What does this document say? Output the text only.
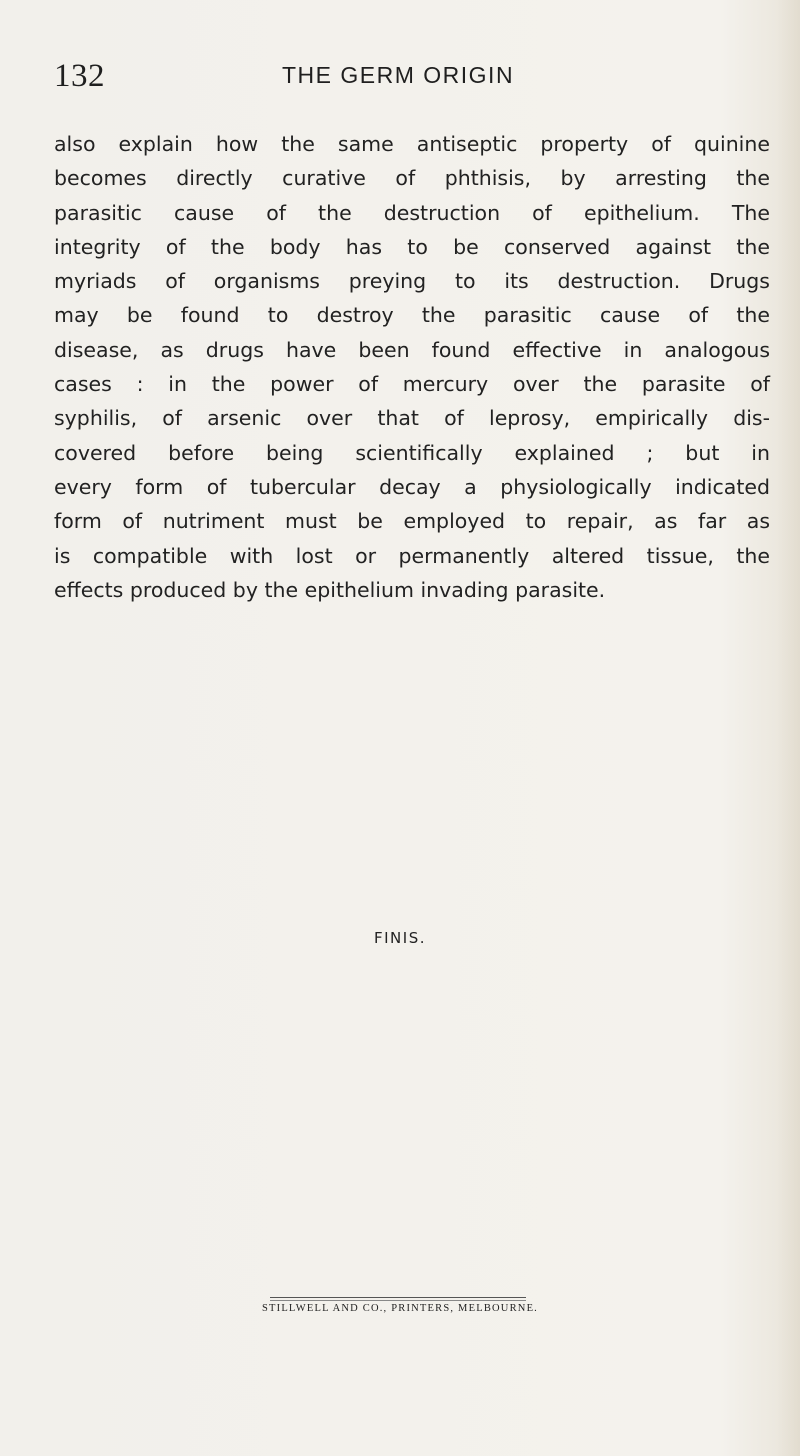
132	THE GERM ORIGIN
also explain how the same antiseptic property of quinine
becomes directly curative of phthisis, by arresting the
parasitic cause of the destruction of epithelium. The
integrity of the body has to be conserved against the
myriads of organisms preying to its destruction. Drugs
may be found to destroy the parasitic cause of the
disease, as drugs have been found effective in analogous
cases : in the power of mercury over the parasite of
syphilis, of arsenic over that of leprosy, empirically dis-
covered before being scientifically explained ; but in
every form of tubercular decay a physiologically indicated
form of nutriment must be employed to repair, as far as
is compatible with lost or permanently altered tissue, the
effects produced by the epithelium invading parasite.
FINIS.
STILLWELL AND CO., PRINTERS, MELBOURNE.
